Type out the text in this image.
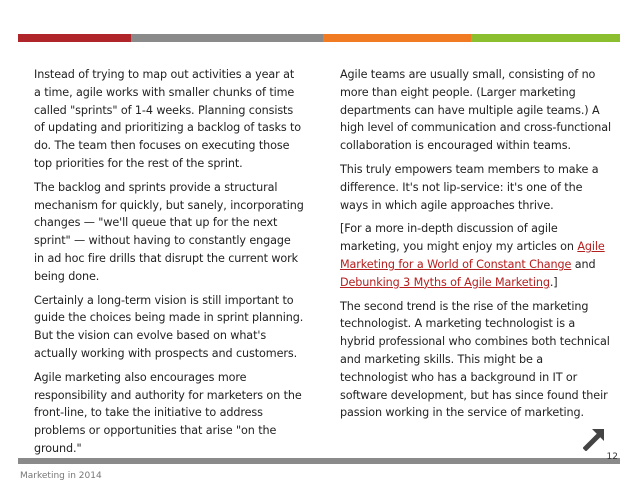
Instead of trying to map out activities a year at a time, agile works with smaller chunks of time called "sprints" of 1-4 weeks. Planning consists of updating and prioritizing a backlog of tasks to do. The team then focuses on executing those top priorities for the rest of the sprint.

The backlog and sprints provide a structural mechanism for quickly, but sanely, incorporating changes — "we'll queue that up for the next sprint" — without having to constantly engage in ad hoc fire drills that disrupt the current work being done.

Certainly a long-term vision is still important to guide the choices being made in sprint planning. But the vision can evolve based on what's actually working with prospects and customers.

Agile marketing also encourages more responsibility and authority for marketers on the front-line, to take the initiative to address problems or opportunities that arise "on the ground."

Agile teams are usually small, consisting of no more than eight people. (Larger marketing departments can have multiple agile teams.) A high level of communication and cross-functional collaboration is encouraged within teams.

This truly empowers team members to make a difference. It's not lip-service: it's one of the ways in which agile approaches thrive.

[For a more in-depth discussion of agile marketing, you might enjoy my articles on Agile Marketing for a World of Constant Change and
Debunking 3 Myths of Agile Marketing.]

The second trend is the rise of the marketing technologist. A marketing technologist is a hybrid professional who combines both technical and marketing skills. This might be a technologist who has a background in IT or software development, but has since found their passion working in the service of marketing.

12
Marketing in 2014
